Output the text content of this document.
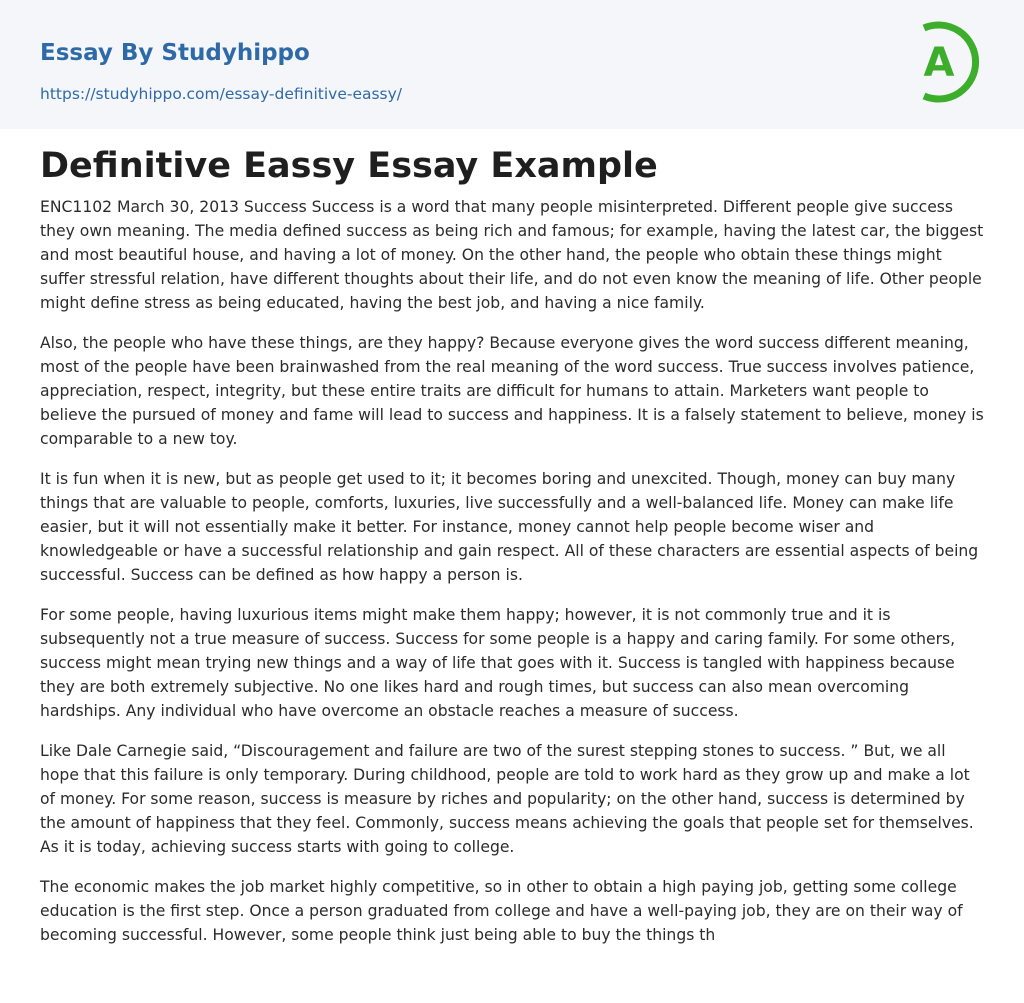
Essay By Studyhippo
https://studyhippo.com/essay-definitive-eassy/
A
Definitive Eassy Essay Example

ENC1102 March 30, 2013 Success Success is a word that many people misinterpreted. Different people give success they own meaning. The media defined success as being rich and famous; for example, having the latest car, the biggest and most beautiful house, and having a lot of money. On the other hand, the people who obtain these things might suffer stressful relation, have different thoughts about their life, and do not even know the meaning of life. Other people might define stress as being educated, having the best job, and having a nice family.

Also, the people who have these things, are they happy? Because everyone gives the word success different meaning, most of the people have been brainwashed from the real meaning of the word success. True success involves patience, appreciation, respect, integrity, but these entire traits are difficult for humans to attain. Marketers want people to believe the pursued of money and fame will lead to success and happiness. It is a falsely statement to believe, money is comparable to a new toy.

It is fun when it is new, but as people get used to it; it becomes boring and unexcited. Though, money can buy many things that are valuable to people, comforts, luxuries, live successfully and a well-balanced life. Money can make life easier, but it will not essentially make it better. For instance, money cannot help people become wiser and knowledgeable or have a successful relationship and gain respect. All of these characters are essential aspects of being successful. Success can be defined as how happy a person is.

For some people, having luxurious items might make them happy; however, it is not commonly true and it is subsequently not a true measure of success. Success for some people is a happy and caring family. For some others, success might mean trying new things and a way of life that goes with it. Success is tangled with happiness because they are both extremely subjective. No one likes hard and rough times, but success can also mean overcoming hardships. Any individual who have overcome an obstacle reaches a measure of success.

Like Dale Carnegie said, “Discouragement and failure are two of the surest stepping stones to success. ” But, we all hope that this failure is only temporary. During childhood, people are told to work hard as they grow up and make a lot of money. For some reason, success is measure by riches and popularity; on the other hand, success is determined by the amount of happiness that they feel. Commonly, success means achieving the goals that people set for themselves. As it is today, achieving success starts with going to college.

The economic makes the job market highly competitive, so in other to obtain a high paying job, getting some college education is the first step. Once a person graduated from college and have a well-paying job, they are on their way of becoming successful. However, some people think just being able to buy the things th
